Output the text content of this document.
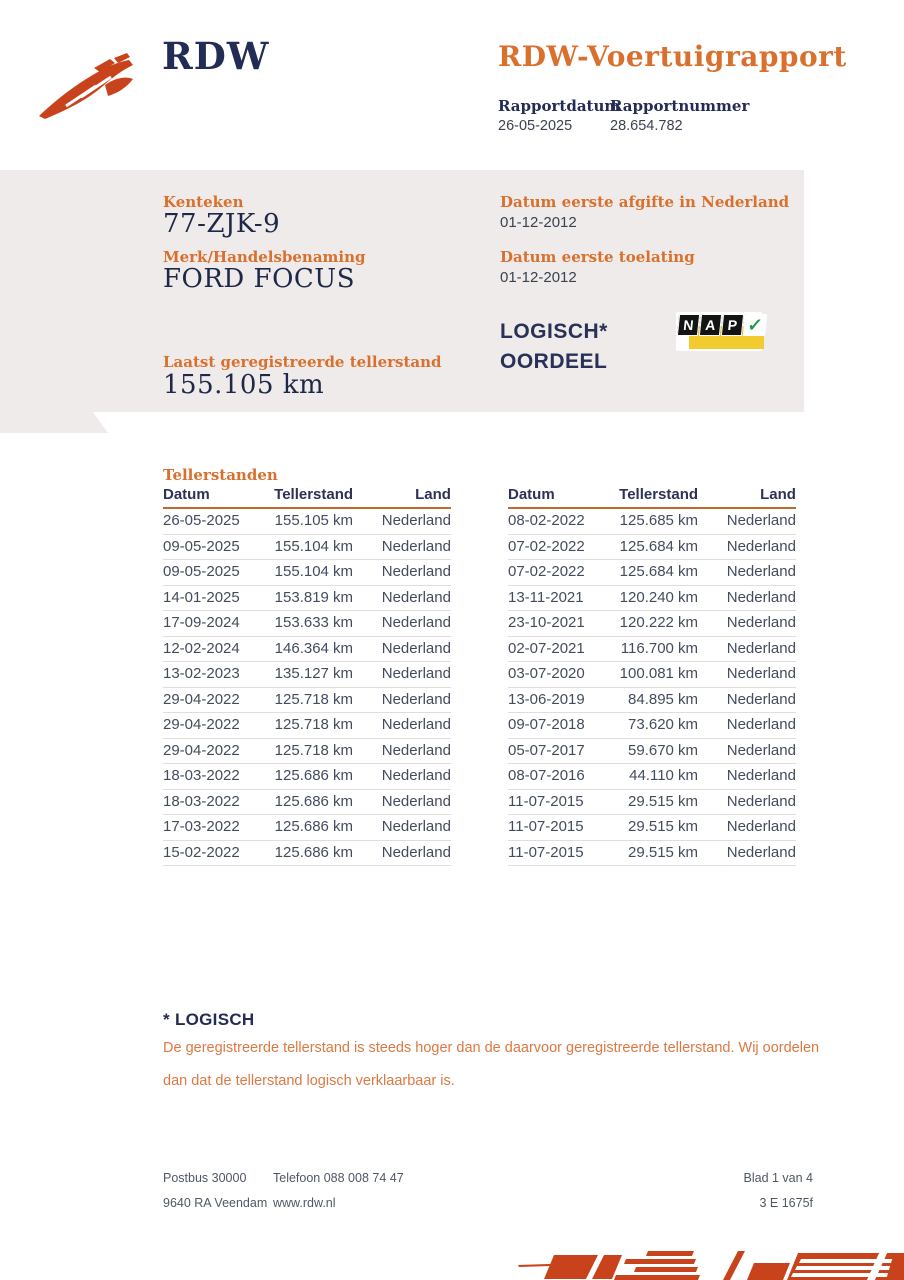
RDW	RDW-Voertuigrapport
Rapportdatum
Rapportnummer
26-05-2025	28.654.782
Kenteken
77-ZJK-9
Merk/Handelsbenaming
FORD FOCUS
Datum eerste afgifte in Nederland
01-12-2012
Datum eerste toelating
01-12-2012
LOGISCH*
OORDEEL
N A P ✓
Laatst geregistreerde tellerstand
155.105 km
Tellerstanden
Datum	Tellerstand	Land
26-05-2025	155.105 km	Nederland
09-05-2025	155.104 km	Nederland
09-05-2025	155.104 km	Nederland
14-01-2025	153.819 km	Nederland
17-09-2024	153.633 km	Nederland
12-02-2024	146.364 km	Nederland
13-02-2023	135.127 km	Nederland
29-04-2022	125.718 km	Nederland
29-04-2022	125.718 km	Nederland
29-04-2022	125.718 km	Nederland
18-03-2022	125.686 km	Nederland
18-03-2022	125.686 km	Nederland
17-03-2022	125.686 km	Nederland
15-02-2022	125.686 km	Nederland
Datum	Tellerstand	Land
08-02-2022	125.685 km	Nederland
07-02-2022	125.684 km	Nederland
07-02-2022	125.684 km	Nederland
13-11-2021	120.240 km	Nederland
23-10-2021	120.222 km	Nederland
02-07-2021	116.700 km	Nederland
03-07-2020	100.081 km	Nederland
13-06-2019	84.895 km	Nederland
09-07-2018	73.620 km	Nederland
05-07-2017	59.670 km	Nederland
08-07-2016	44.110 km	Nederland
11-07-2015	29.515 km	Nederland
11-07-2015	29.515 km	Nederland
11-07-2015	29.515 km	Nederland
* LOGISCH
De geregistreerde tellerstand is steeds hoger dan de daarvoor geregistreerde tellerstand. Wij oordelen dan dat de tellerstand logisch verklaarbaar is.
Postbus 30000 Telefoon 088 008 74 47	Blad 1 van 4
9640 RA Veendam www.rdw.nl	3 E 1675f
